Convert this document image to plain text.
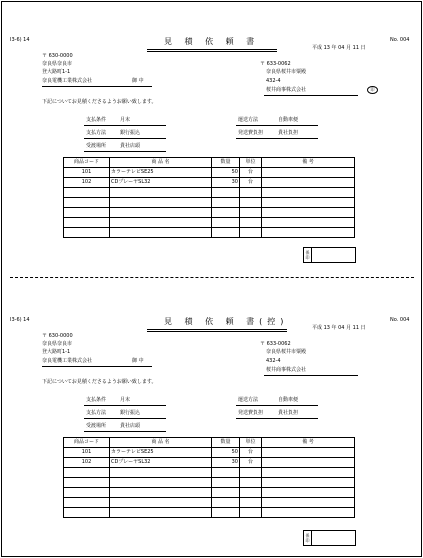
I3-6) 14	No. 004
見 積 依 頼 書
平成 13 年 04 月 11 日
〒 630-0000
奈良県奈良市
登大路町1-1
奈良電機工業株式会社	御 中
〒 633-0062
奈良県桜井市粟殿
432-4
桜井商事株式会社	印
下記についてお見積くださるようお願い致します。
支払条件	月末	運送方法	自動車便
支払方法	銀行振込	発送費負担	貴社負担
受渡場所	貴社店頭
商品コード	商 品 名	数量	単位	備 考
101	カラーテレビSE25	50	台	
102	CDプレーヤSL32	30	台	

係印
I3-6) 14	No. 004
見 積 依 頼 書(控)
平成 13 年 04 月 11 日
〒 630-0000
奈良県奈良市
登大路町1-1
奈良電機工業株式会社	御 中
〒 633-0062
奈良県桜井市粟殿
432-4
桜井商事株式会社
下記についてお見積くださるようお願い致します。
支払条件	月末	運送方法	自動車便
支払方法	銀行振込	発送費負担	貴社負担
受渡場所	貴社店頭
商品コード	商 品 名	数量	単位	備 考
101	カラーテレビSE25	50	台	
102	CDプレーヤSL32	30	台	

係印
